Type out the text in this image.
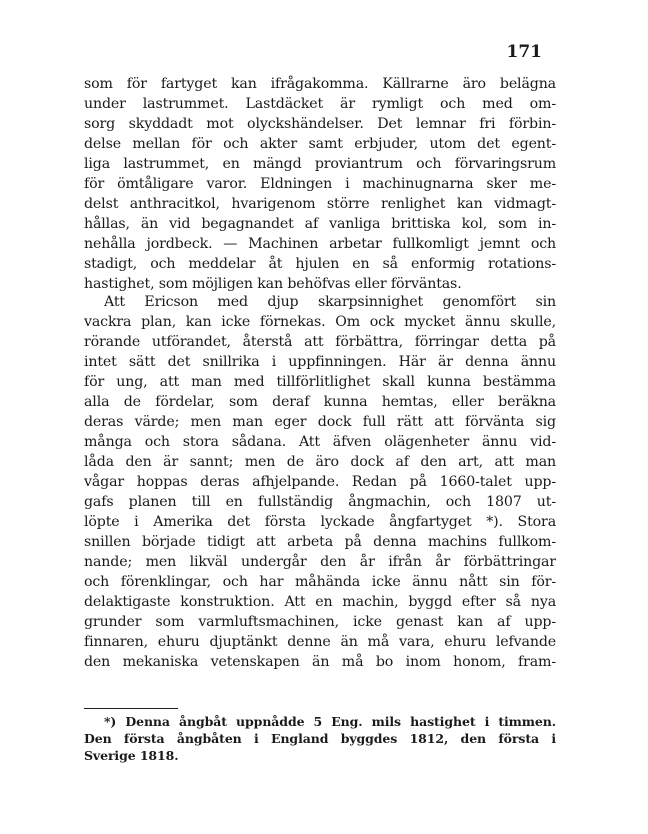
171
som för fartyget kan ifrågakomma. Källrarne äro belägna
under lastrummet. Lastdäcket är rymligt och med om-
sorg skyddadt mot olyckshändelser. Det lemnar fri förbin-
delse mellan för och akter samt erbjuder, utom det egent-
liga lastrummet, en mängd proviantrum och förvaringsrum
för ömtåligare varor. Eldningen i machinugnarna sker me-
delst anthracitkol, hvarigenom större renlighet kan vidmagt-
hållas, än vid begagnandet af vanliga brittiska kol, som in-
nehålla jordbeck. — Machinen arbetar fullkomligt jemnt och
stadigt, och meddelar åt hjulen en så enformig rotations-
hastighet, som möjligen kan behöfvas eller förväntas.
Att Ericson med djup skarpsinnighet genomfört sin
vackra plan, kan icke förnekas. Om ock mycket ännu skulle,
rörande utförandet, återstå att förbättra, förringar detta på
intet sätt det snillrika i uppfinningen. Här är denna ännu
för ung, att man med tillförlitlighet skall kunna bestämma
alla de fördelar, som deraf kunna hemtas, eller beräkna
deras värde; men man eger dock full rätt att förvänta sig
många och stora sådana. Att äfven olägenheter ännu vid-
låda den är sannt; men de äro dock af den art, att man
vågar hoppas deras afhjelpande. Redan på 1660-talet upp-
gafs planen till en fullständig ångmachin, och 1807 ut-
löpte i Amerika det första lyckade ångfartyget *). Stora
snillen började tidigt att arbeta på denna machins fullkom-
nande; men likväl undergår den år ifrån år förbättringar
och förenklingar, och har måhända icke ännu nått sin för-
delaktigaste konstruktion. Att en machin, byggd efter så nya
grunder som varmluftsmachinen, icke genast kan af upp-
finnaren, ehuru djuptänkt denne än må vara, ehuru lefvande
den mekaniska vetenskapen än må bo inom honom, fram-
*) Denna ångbåt uppnådde 5 Eng. mils hastighet i timmen.
Den första ångbåten i England byggdes 1812, den första i
Sverige 1818.
